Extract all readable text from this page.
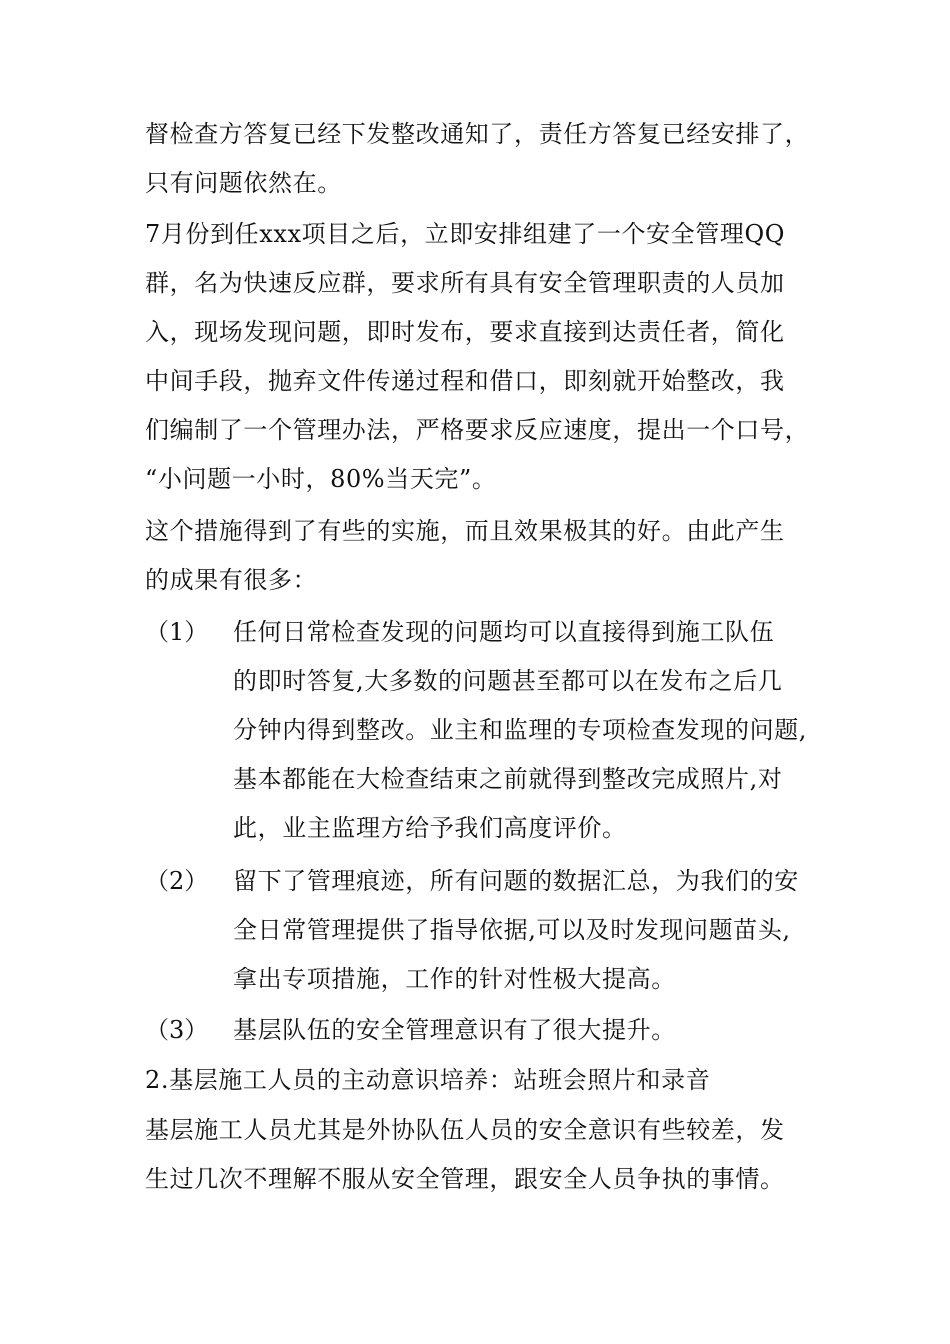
督检查方答复已经下发整改通知了，责任方答复已经安排了，
只有问题依然在。
7月份到任xxx项目之后，立即安排组建了一个安全管理QQ
群，名为快速反应群，要求所有具有安全管理职责的人员加
入，现场发现问题，即时发布，要求直接到达责任者，简化
中间手段，抛弃文件传递过程和借口，即刻就开始整改，我
们编制了一个管理办法，严格要求反应速度，提出一个口号，
“小问题一小时，80%当天完”。
这个措施得到了有些的实施，而且效果极其的好。由此产生
的成果有很多：
（1） 任何日常检查发现的问题均可以直接得到施工队伍
的即时答复,大多数的问题甚至都可以在发布之后几
分钟内得到整改。业主和监理的专项检查发现的问题,
基本都能在大检查结束之前就得到整改完成照片,对
此，业主监理方给予我们高度评价。
（2） 留下了管理痕迹，所有问题的数据汇总，为我们的安
全日常管理提供了指导依据,可以及时发现问题苗头,
拿出专项措施，工作的针对性极大提高。
（3） 基层队伍的安全管理意识有了很大提升。
2.基层施工人员的主动意识培养：站班会照片和录音
基层施工人员尤其是外协队伍人员的安全意识有些较差，发
生过几次不理解不服从安全管理，跟安全人员争执的事情。
